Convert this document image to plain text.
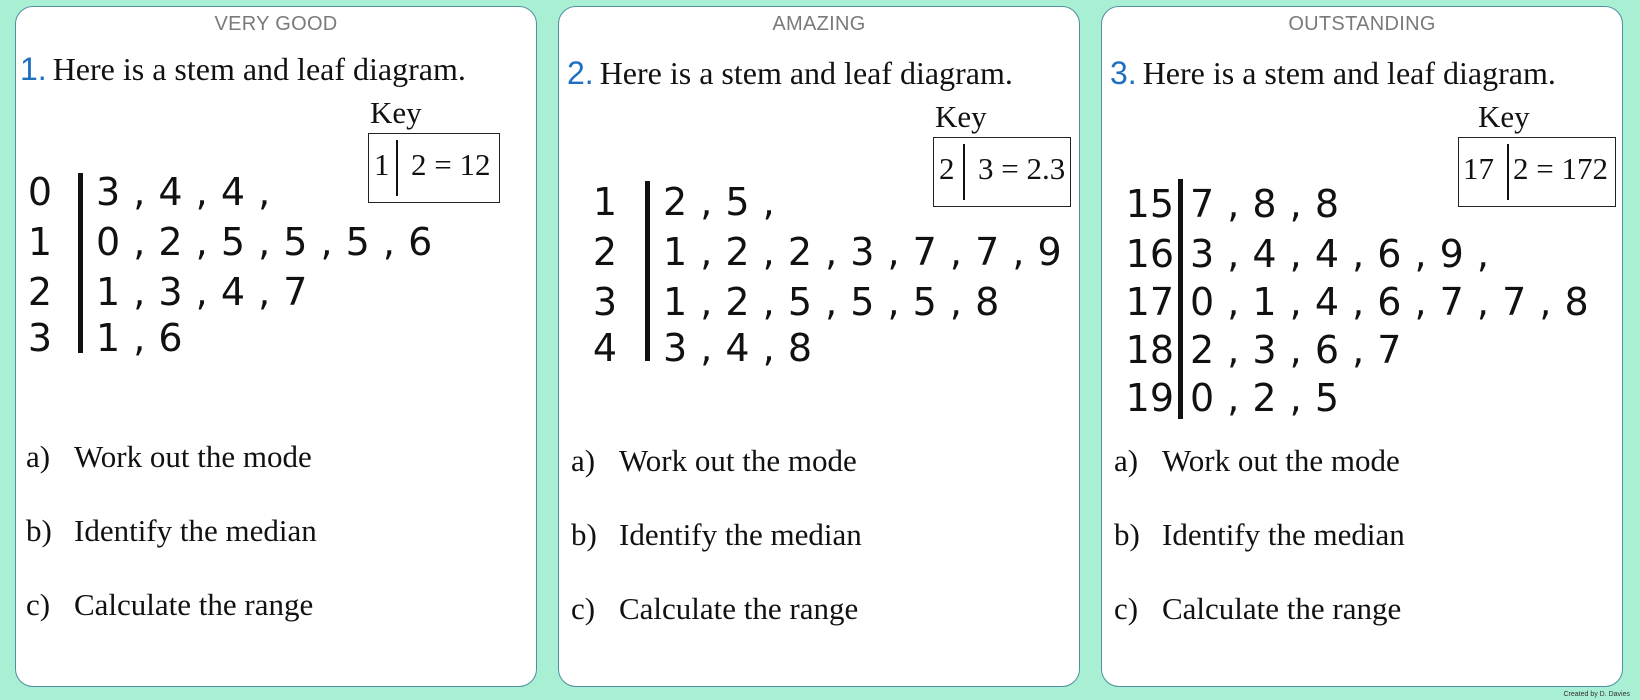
VERY GOOD
1. Here is a stem and leaf diagram.
Key
1 2 = 12
0 3 , 4 , 4 ,
1 0 , 2 , 5 , 5 , 5 , 6
2 1 , 3 , 4 , 7
3 1 , 6
a) Work out the mode
b) Identify the median
c) Calculate the range
AMAZING
2. Here is a stem and leaf diagram.
Key
2 3 = 2.3
1 2 , 5 ,
2 1 , 2 , 2 , 3 , 7 , 7 , 9
3 1 , 2 , 5 , 5 , 5 , 8
4 3 , 4 , 8
a) Work out the mode
b) Identify the median
c) Calculate the range
OUTSTANDING
3. Here is a stem and leaf diagram.
Key
17 2 = 172
15 7 , 8 , 8
16 3 , 4 , 4 , 6 , 9 ,
17 0 , 1 , 4 , 6 , 7 , 7 , 8
18 2 , 3 , 6 , 7
19 0 , 2 , 5
a) Work out the mode
b) Identify the median
c) Calculate the range
Created by D. Davies
